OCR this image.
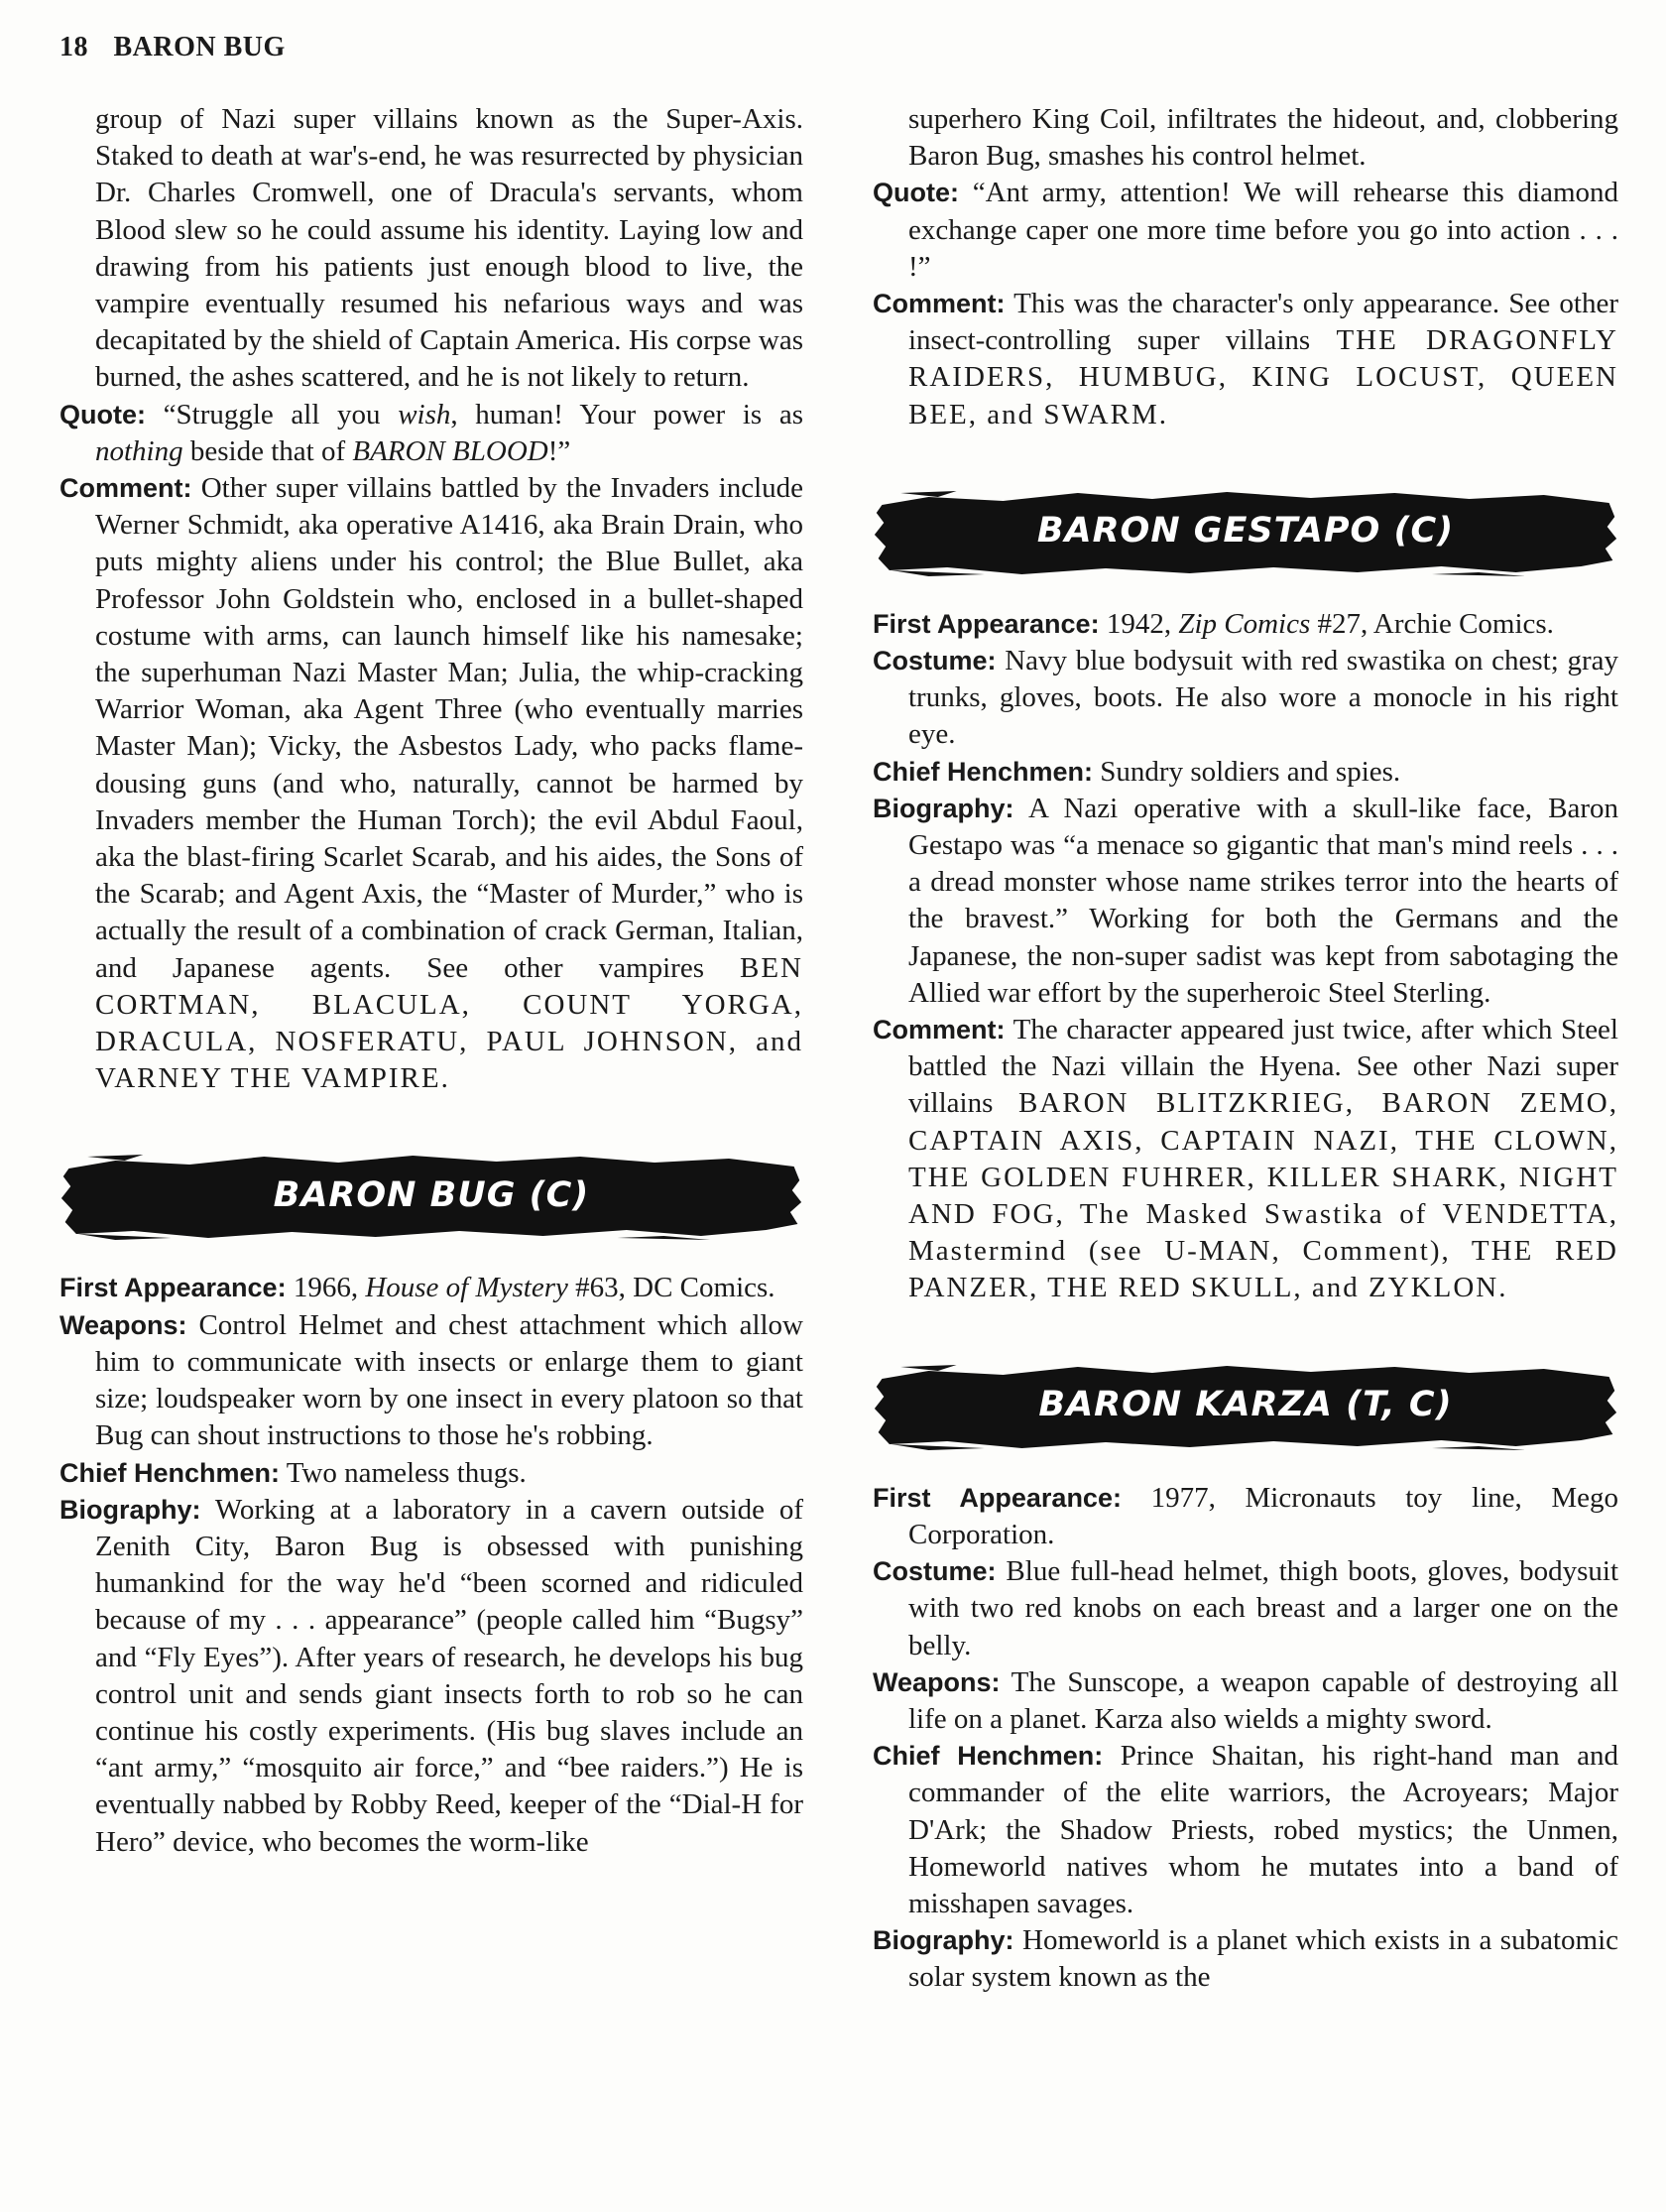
18 BARON BUG

group of Nazi super villains known as the Super-Axis. Staked to death at war's-end, he was resurrected by physician Dr. Charles Cromwell, one of Dracula's servants, whom Blood slew so he could assume his identity. Laying low and drawing from his patients just enough blood to live, the vampire eventually resumed his nefarious ways and was decapitated by the shield of Captain America. His corpse was burned, the ashes scattered, and he is not likely to return.

Quote: “Struggle all you wish, human! Your power is as nothing beside that of BARON BLOOD!”

Comment: Other super villains battled by the Invaders include Werner Schmidt, aka operative A1416, aka Brain Drain, who puts mighty aliens under his control; the Blue Bullet, aka Professor John Goldstein who, enclosed in a bullet-shaped costume with arms, can launch himself like his namesake; the superhuman Nazi Master Man; Julia, the whip-cracking Warrior Woman, aka Agent Three (who eventually marries Master Man); Vicky, the Asbestos Lady, who packs flame-dousing guns (and who, naturally, cannot be harmed by Invaders member the Human Torch); the evil Abdul Faoul, aka the blast-firing Scarlet Scarab, and his aides, the Sons of the Scarab; and Agent Axis, the “Master of Murder,” who is actually the result of a combination of crack German, Italian, and Japanese agents. See other vampires BEN CORTMAN, BLACULA, COUNT YORGA, DRACULA, NOSFERATU, PAUL JOHNSON, and VARNEY THE VAMPIRE.

BARON BUG (C)

First Appearance: 1966, House of Mystery #63, DC Comics.

Weapons: Control Helmet and chest attachment which allow him to communicate with insects or enlarge them to giant size; loudspeaker worn by one insect in every platoon so that Bug can shout instructions to those he's robbing.

Chief Henchmen: Two nameless thugs.

Biography: Working at a laboratory in a cavern outside of Zenith City, Baron Bug is obsessed with punishing humankind for the way he'd “been scorned and ridiculed because of my . . . appearance” (people called him “Bugsy” and “Fly Eyes”). After years of research, he develops his bug control unit and sends giant insects forth to rob so he can continue his costly experiments. (His bug slaves include an “ant army,” “mosquito air force,” and “bee raiders.”) He is eventually nabbed by Robby Reed, keeper of the “Dial-H for Hero” device, who becomes the worm-like

superhero King Coil, infiltrates the hideout, and, clobbering Baron Bug, smashes his control helmet.

Quote: “Ant army, attention! We will rehearse this diamond exchange caper one more time before you go into action . . . !”

Comment: This was the character's only appearance. See other insect-controlling super villains THE DRAGONFLY RAIDERS, HUMBUG, KING LOCUST, QUEEN BEE, and SWARM.

BARON GESTAPO (C)

First Appearance: 1942, Zip Comics #27, Archie Comics.

Costume: Navy blue bodysuit with red swastika on chest; gray trunks, gloves, boots. He also wore a monocle in his right eye.

Chief Henchmen: Sundry soldiers and spies.

Biography: A Nazi operative with a skull-like face, Baron Gestapo was “a menace so gigantic that man's mind reels . . . a dread monster whose name strikes terror into the hearts of the bravest.” Working for both the Germans and the Japanese, the non-super sadist was kept from sabotaging the Allied war effort by the superheroic Steel Sterling.

Comment: The character appeared just twice, after which Steel battled the Nazi villain the Hyena. See other Nazi super villains BARON BLITZKRIEG, BARON ZEMO, CAPTAIN AXIS, CAPTAIN NAZI, THE CLOWN, THE GOLDEN FUHRER, KILLER SHARK, NIGHT AND FOG, The Masked Swastika of VENDETTA, Mastermind (see U-MAN, Comment), THE RED PANZER, THE RED SKULL, and ZYKLON.

BARON KARZA (T, C)

First Appearance: 1977, Micronauts toy line, Mego Corporation.

Costume: Blue full-head helmet, thigh boots, gloves, bodysuit with two red knobs on each breast and a larger one on the belly.

Weapons: The Sunscope, a weapon capable of destroying all life on a planet. Karza also wields a mighty sword.

Chief Henchmen: Prince Shaitan, his right-hand man and commander of the elite warriors, the Acroyears; Major D'Ark; the Shadow Priests, robed mystics; the Unmen, Homeworld natives whom he mutates into a band of misshapen savages.

Biography: Homeworld is a planet which exists in a subatomic solar system known as the
